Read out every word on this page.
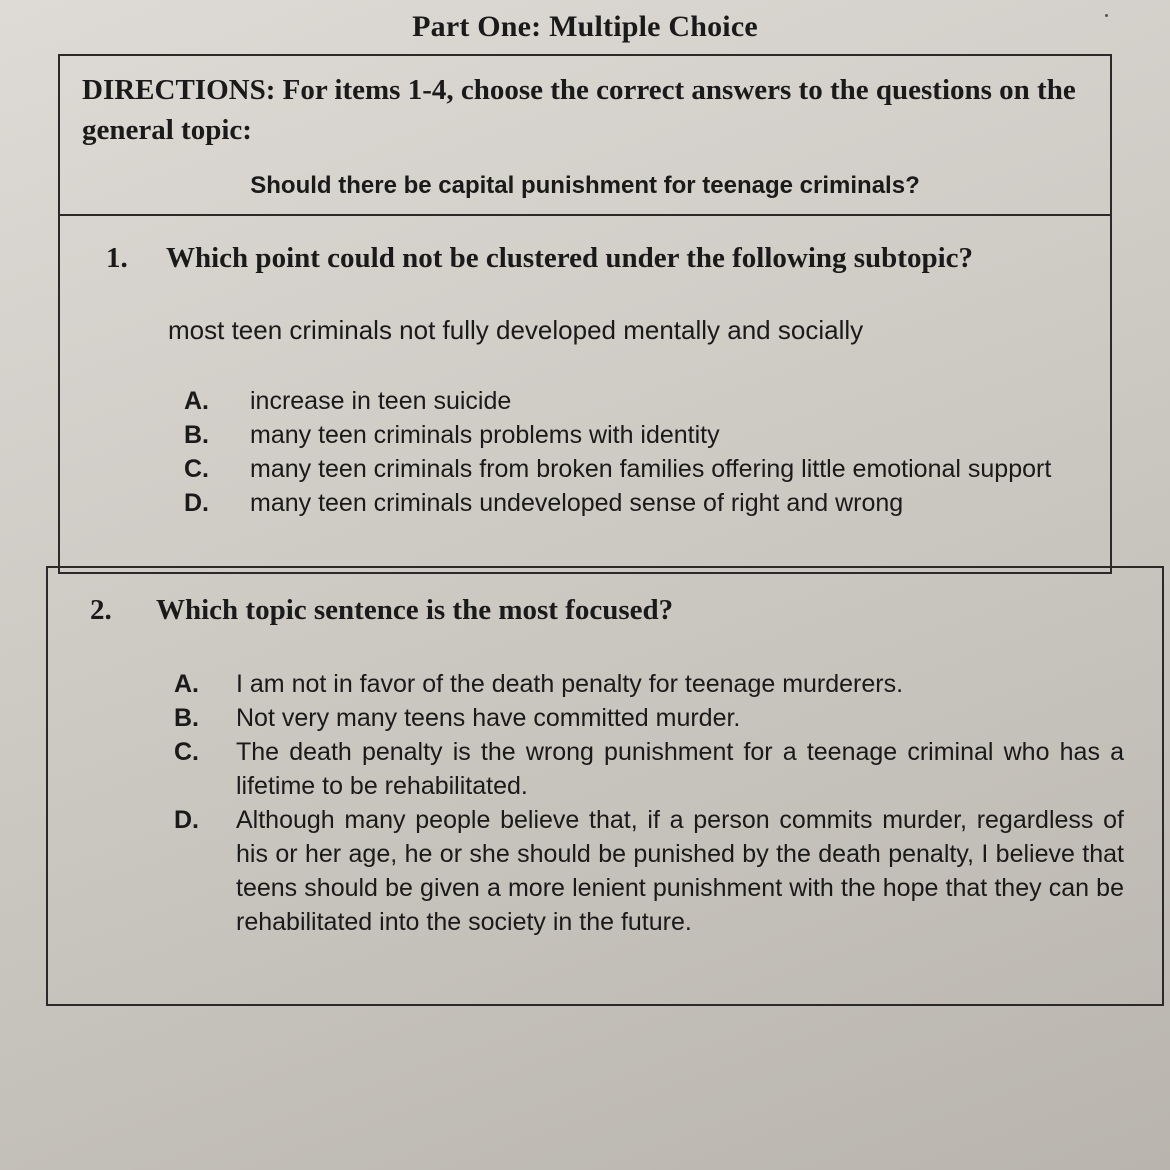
Part One: Multiple Choice
DIRECTIONS: For items 1-4, choose the correct answers to the questions on the general topic:
Should there be capital punishment for teenage criminals?
1.	Which point could not be clustered under the following subtopic?
most teen criminals not fully developed mentally and socially
A.	increase in teen suicide
B.	many teen criminals problems with identity
C.	many teen criminals from broken families offering little emotional support
D.	many teen criminals undeveloped sense of right and wrong
2.	Which topic sentence is the most focused?
A.	I am not in favor of the death penalty for teenage murderers.
B.	Not very many teens have committed murder.
C.	The death penalty is the wrong punishment for a teenage criminal who has a lifetime to be rehabilitated.
D.	Although many people believe that, if a person commits murder, regardless of his or her age, he or she should be punished by the death penalty, I believe that teens should be given a more lenient punishment with the hope that they can be rehabilitated into the society in the future.
